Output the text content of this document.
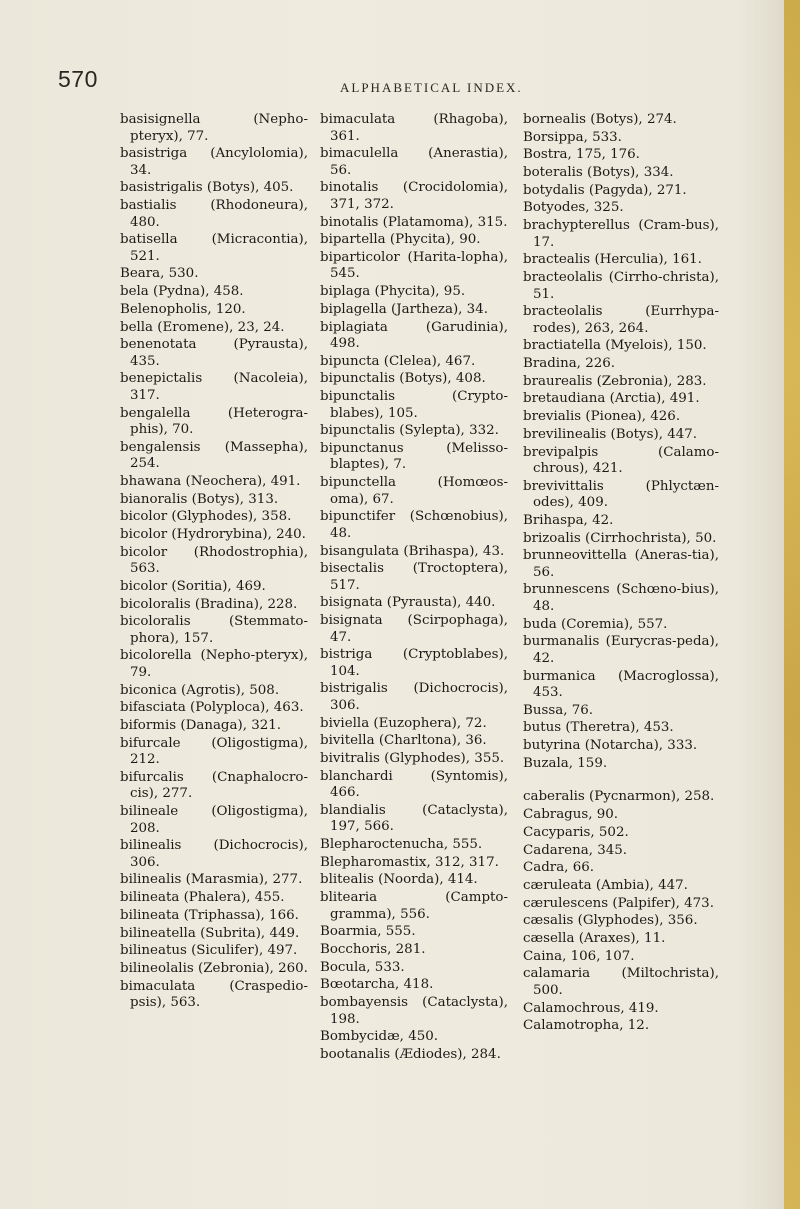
570	ALPHABETICAL INDEX.

basisignella (Nepho-pteryx), 77.

basistriga (Ancylolomia), 34.

basistrigalis (Botys), 405.

bastialis (Rhodoneura), 480.

batisella (Micracontia), 521.

Beara, 530.

bela (Pydna), 458.

Belenopholis, 120.

bella (Eromene), 23, 24.

benenotata (Pyrausta), 435.

benepictalis (Nacoleia), 317.

bengalella (Heterogra-phis), 70.

bengalensis (Massepha), 254.

bhawana (Neochera), 491.

bianoralis (Botys), 313.

bicolor (Glyphodes), 358.

bicolor (Hydrorybina), 240.

bicolor (Rhodostrophia), 563.

bicolor (Soritia), 469.

bicoloralis (Bradina), 228.

bicoloralis (Stemmato-phora), 157.

bicolorella (Nepho-pteryx), 79.

biconica (Agrotis), 508.

bifasciata (Polyploca), 463.

biformis (Danaga), 321.

bifurcale (Oligostigma), 212.

bifurcalis (Cnaphalocro-cis), 277.

bilineale (Oligostigma), 208.

bilinealis (Dichocrocis), 306.

bilinealis (Marasmia), 277.

bilineata (Phalera), 455.

bilineata (Triphassa), 166.

bilineatella (Subrita), 449.

bilineatus (Siculifer), 497.

bilineolalis (Zebronia), 260.

bimaculata (Craspedio-psis), 563.

bimaculata (Rhagoba), 361.

bimaculella (Anerastia), 56.

binotalis (Crocidolomia), 371, 372.

binotalis (Platamoma), 315.

bipartella (Phycita), 90.

biparticolor (Harita-lopha), 545.

biplaga (Phycita), 95.

biplagella (Jartheza), 34.

biplagiata (Garudinia), 498.

bipuncta (Clelea), 467.

bipunctalis (Botys), 408.

bipunctalis (Crypto-blabes), 105.

bipunctalis (Sylepta), 332.

bipunctanus (Melisso-blaptes), 7.

bipunctella (Homœos-oma), 67.

bipunctifer (Schœnobius), 48.

bisangulata (Brihaspa), 43.

bisectalis (Troctoptera), 517.

bisignata (Pyrausta), 440.

bisignata (Scirpophaga), 47.

bistriga (Cryptoblabes), 104.

bistrigalis (Dichocrocis), 306.

biviella (Euzophera), 72.

bivitella (Charltona), 36.

bivitralis (Glyphodes), 355.

blanchardi (Syntomis), 466.

blandialis (Cataclysta), 197, 566.

Blepharoctenucha, 555.

Blepharomastix, 312, 317.

blitealis (Noorda), 414.

blitearia (Campto-gramma), 556.

Boarmia, 555.

Bocchoris, 281.

Bocula, 533.

Bœotarcha, 418.

bombayensis (Cataclysta), 198.

Bombycidæ, 450.

bootanalis (Ædiodes), 284.

bornealis (Botys), 274.

Borsippa, 533.

Bostra, 175, 176.

boteralis (Botys), 334.

botydalis (Pagyda), 271.

Botyodes, 325.

brachypterellus (Cram-bus), 17.

bractealis (Herculia), 161.

bracteolalis (Cirrho-christa), 51.

bracteolalis (Eurrhypa-rodes), 263, 264.

bractiatella (Myelois), 150.

Bradina, 226.

braurealis (Zebronia), 283.

bretaudiana (Arctia), 491.

brevialis (Pionea), 426.

brevilinealis (Botys), 447.

brevipalpis (Calamo-chrous), 421.

brevivittalis (Phlyctæn-odes), 409.

Brihaspa, 42.

brizoalis (Cirrhochrista), 50.

brunneovittella (Aneras-tia), 56.

brunnescens (Schœno-bius), 48.

buda (Coremia), 557.

burmanalis (Eurycras-peda), 42.

burmanica (Macroglossa), 453.

Bussa, 76.

butus (Theretra), 453.

butyrina (Notarcha), 333.

Buzala, 159.

caberalis (Pycnarmon), 258.

Cabragus, 90.

Cacyparis, 502.

Cadarena, 345.

Cadra, 66.

cæruleata (Ambia), 447.

cærulescens (Palpifer), 473.

cæsalis (Glyphodes), 356.

cæsella (Araxes), 11.

Caina, 106, 107.

calamaria (Miltochrista), 500.

Calamochrous, 419.

Calamotropha, 12.
